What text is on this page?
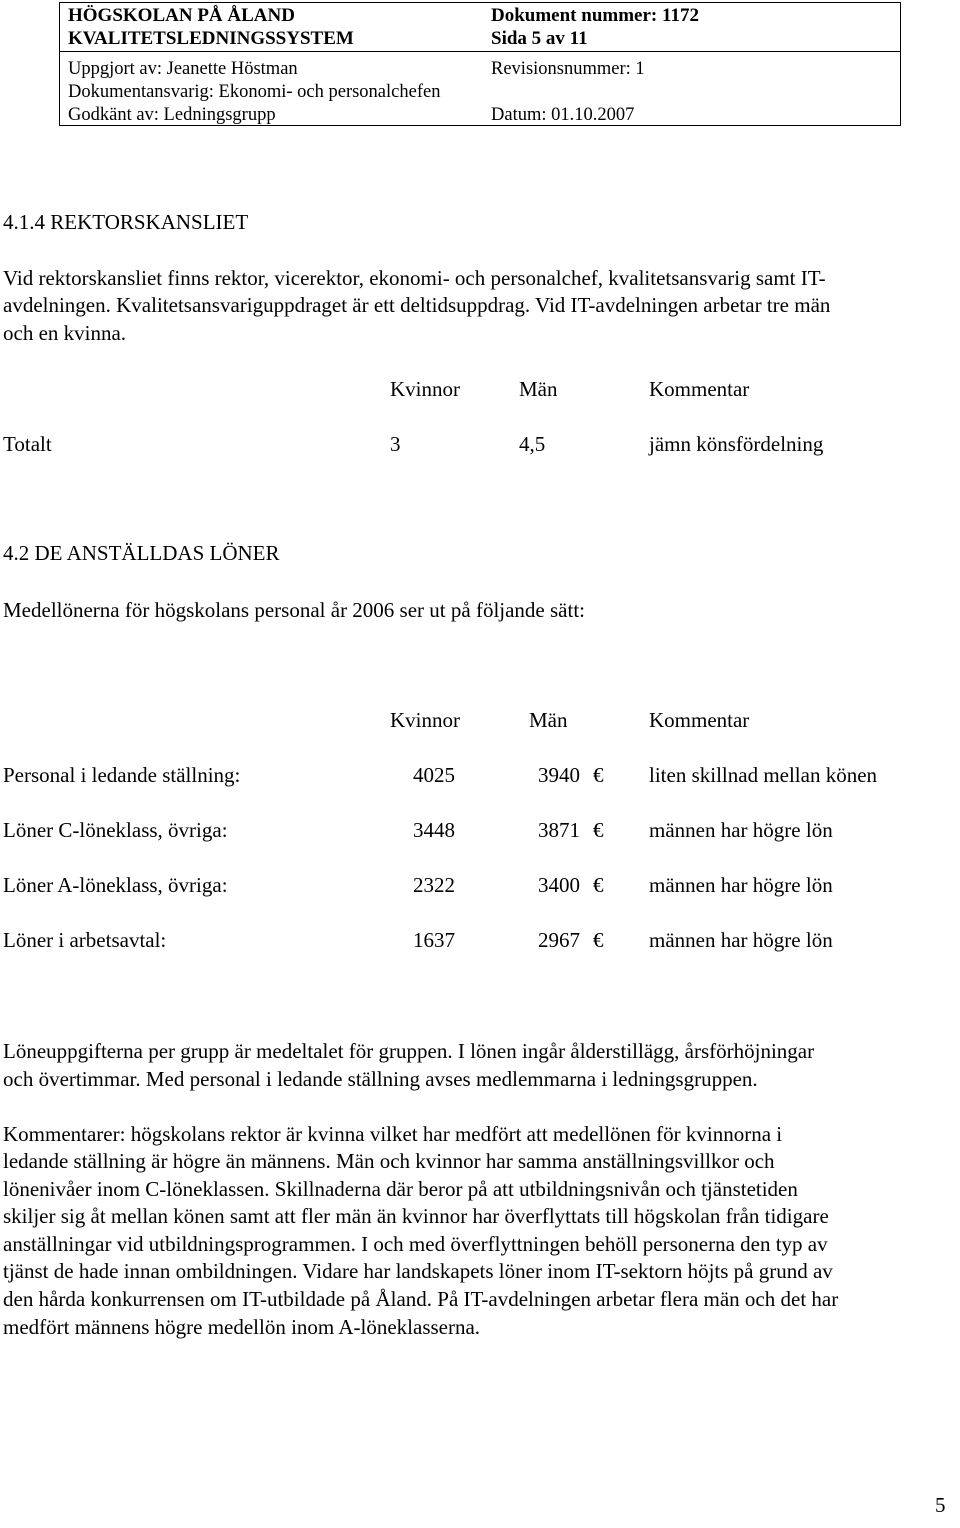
HÖGSKOLAN PÅ ÅLAND
KVALITETSLEDNINGSSYSTEM
Dokument nummer: 1172
Sida 5 av 11
Uppgjort av: Jeanette Höstman	Revisionsnummer: 1
Dokumentansvarig: Ekonomi- och personalchefen
Godkänt av: Ledningsgrupp	Datum: 01.10.2007
4.1.4 REKTORSKANSLIET
Vid rektorskansliet finns rektor, vicerektor, ekonomi- och personalchef, kvalitetsansvarig samt IT-
avdelningen. Kvalitetsansvariguppdraget är ett deltidsuppdrag. Vid IT-avdelningen arbetar tre män
och en kvinna.
Kvinnor	Män	Kommentar
Totalt	3	4,5	jämn könsfördelning
4.2 DE ANSTÄLLDAS LÖNER
Medellönerna för högskolans personal år 2006 ser ut på följande sätt:
Kvinnor	Män	Kommentar
Personal i ledande ställning:	4025	3940 € liten skillnad mellan könen
Löner C-löneklass, övriga:	3448	3871 € männen har högre lön
Löner A-löneklass, övriga:	2322	3400 € männen har högre lön
Löner i arbetsavtal:	1637	2967 € männen har högre lön
Löneuppgifterna per grupp är medeltalet för gruppen. I lönen ingår ålderstillägg, årsförhöjningar
och övertimmar. Med personal i ledande ställning avses medlemmarna i ledningsgruppen.
Kommentarer: högskolans rektor är kvinna vilket har medfört att medellönen för kvinnorna i
ledande ställning är högre än männens. Män och kvinnor har samma anställningsvillkor och
lönenivåer inom C-löneklassen. Skillnaderna där beror på att utbildningsnivån och tjänstetiden
skiljer sig åt mellan könen samt att fler män än kvinnor har överflyttats till högskolan från tidigare
anställningar vid utbildningsprogrammen. I och med överflyttningen behöll personerna den typ av
tjänst de hade innan ombildningen. Vidare har landskapets löner inom IT-sektorn höjts på grund av
den hårda konkurrensen om IT-utbildade på Åland. På IT-avdelningen arbetar flera män och det har
medfört männens högre medellön inom A-löneklasserna.
5
